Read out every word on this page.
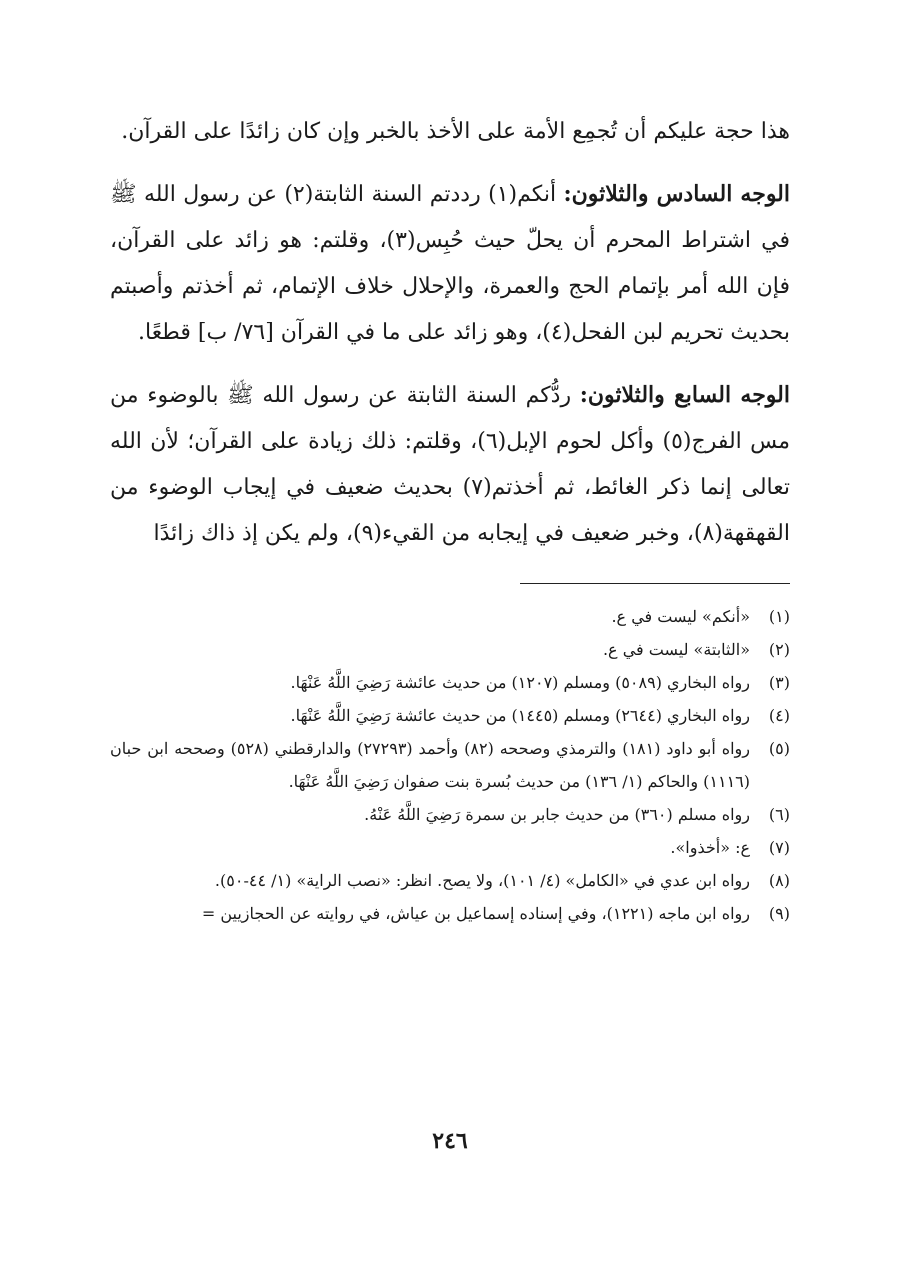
هذا حجة عليكم أن تُجمِع الأمة على الأخذ بالخبر وإن كان زائدًا على القرآن.

الوجه السادس والثلاثون: أنكم(١) رددتم السنة الثابتة(٢) عن رسول الله ﷺ في اشتراط المحرم أن يحلّ حيث حُبِس(٣)، وقلتم: هو زائد على القرآن، فإن الله أمر بإتمام الحج والعمرة، والإحلال خلاف الإتمام، ثم أخذتم وأصبتم بحديث تحريم لبن الفحل(٤)، وهو زائد على ما في القرآن [٧٦/ ب] قطعًا.

الوجه السابع والثلاثون: ردُّكم السنة الثابتة عن رسول الله ﷺ بالوضوء من مس الفرج(٥) وأكل لحوم الإبل(٦)، وقلتم: ذلك زيادة على القرآن؛ لأن الله تعالى إنما ذكر الغائط، ثم أخذتم(٧) بحديث ضعيف في إيجاب الوضوء من القهقهة(٨)، وخبر ضعيف في إيجابه من القيء(٩)، ولم يكن إذ ذاك زائدًا

(١)
«أنكم» ليست في ع.
(٢)
«الثابتة» ليست في ع.
(٣)
رواه البخاري (٥٠٨٩) ومسلم (١٢٠٧) من حديث عائشة رَضِيَ اللَّهُ عَنْهَا.
(٤)
رواه البخاري (٢٦٤٤) ومسلم (١٤٤٥) من حديث عائشة رَضِيَ اللَّهُ عَنْهَا.
(٥)
رواه أبو داود (١٨١) والترمذي وصححه (٨٢) وأحمد (٢٧٢٩٣) والدارقطني (٥٢٨) وصححه ابن حبان (١١١٦) والحاكم (١/ ١٣٦) من حديث بُسرة بنت صفوان رَضِيَ اللَّهُ عَنْهَا.
(٦)
رواه مسلم (٣٦٠) من حديث جابر بن سمرة رَضِيَ اللَّهُ عَنْهُ.
(٧)
ع: «أخذوا».
(٨)
رواه ابن عدي في «الكامل» (٤/ ١٠١)، ولا يصح. انظر: «نصب الراية» (١/ ٤٤-٥٠).
(٩)
رواه ابن ماجه (١٢٢١)، وفي إسناده إسماعيل بن عياش، في روايته عن الحجازيين =
٢٤٦
